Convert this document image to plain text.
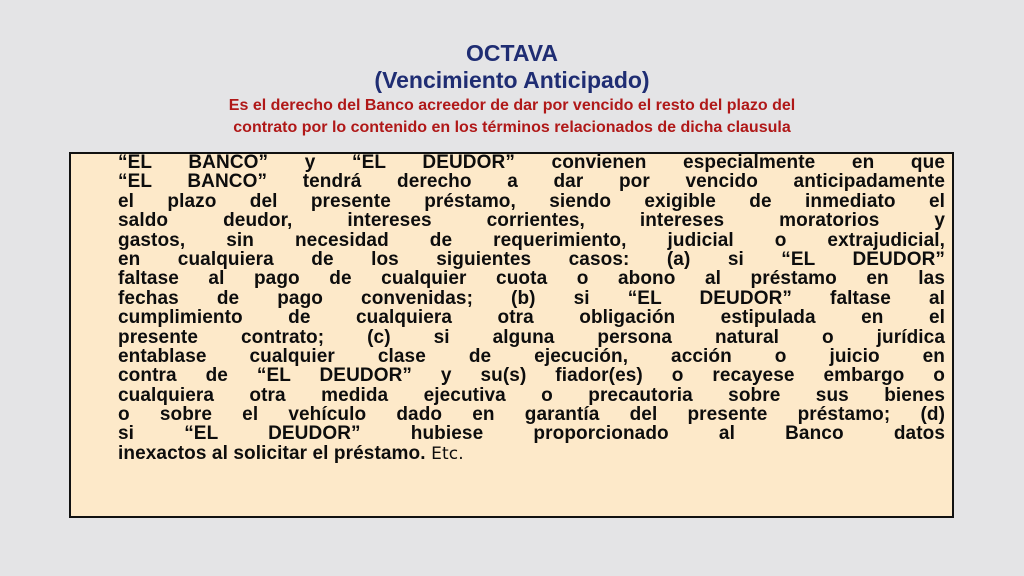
OCTAVA
(Vencimiento Anticipado)
Es el derecho del Banco acreedor de dar por vencido el resto del plazo del
contrato por lo contenido en los términos relacionados de dicha clausula
“EL BANCO” y “EL DEUDOR” convienen especialmente en que
“EL BANCO” tendrá derecho a dar por vencido anticipadamente
el plazo del presente préstamo, siendo exigible de inmediato el
saldo deudor, intereses corrientes, intereses moratorios y
gastos, sin necesidad de requerimiento, judicial o extrajudicial,
en cualquiera de los siguientes casos: (a) si “EL DEUDOR”
faltase al pago de cualquier cuota o abono al préstamo en las
fechas de pago convenidas; (b) si “EL DEUDOR” faltase al
cumplimiento de cualquiera otra obligación estipulada en el
presente contrato; (c) si alguna persona natural o jurídica
entablase cualquier clase de ejecución, acción o juicio en
contra de “EL DEUDOR” y su(s) fiador(es) o recayese embargo o
cualquiera otra medida ejecutiva o precautoria sobre sus bienes
o sobre el vehículo dado en garantía del presente préstamo; (d)
si “EL DEUDOR” hubiese proporcionado al Banco datos
inexactos al solicitar el préstamo. Etc.
